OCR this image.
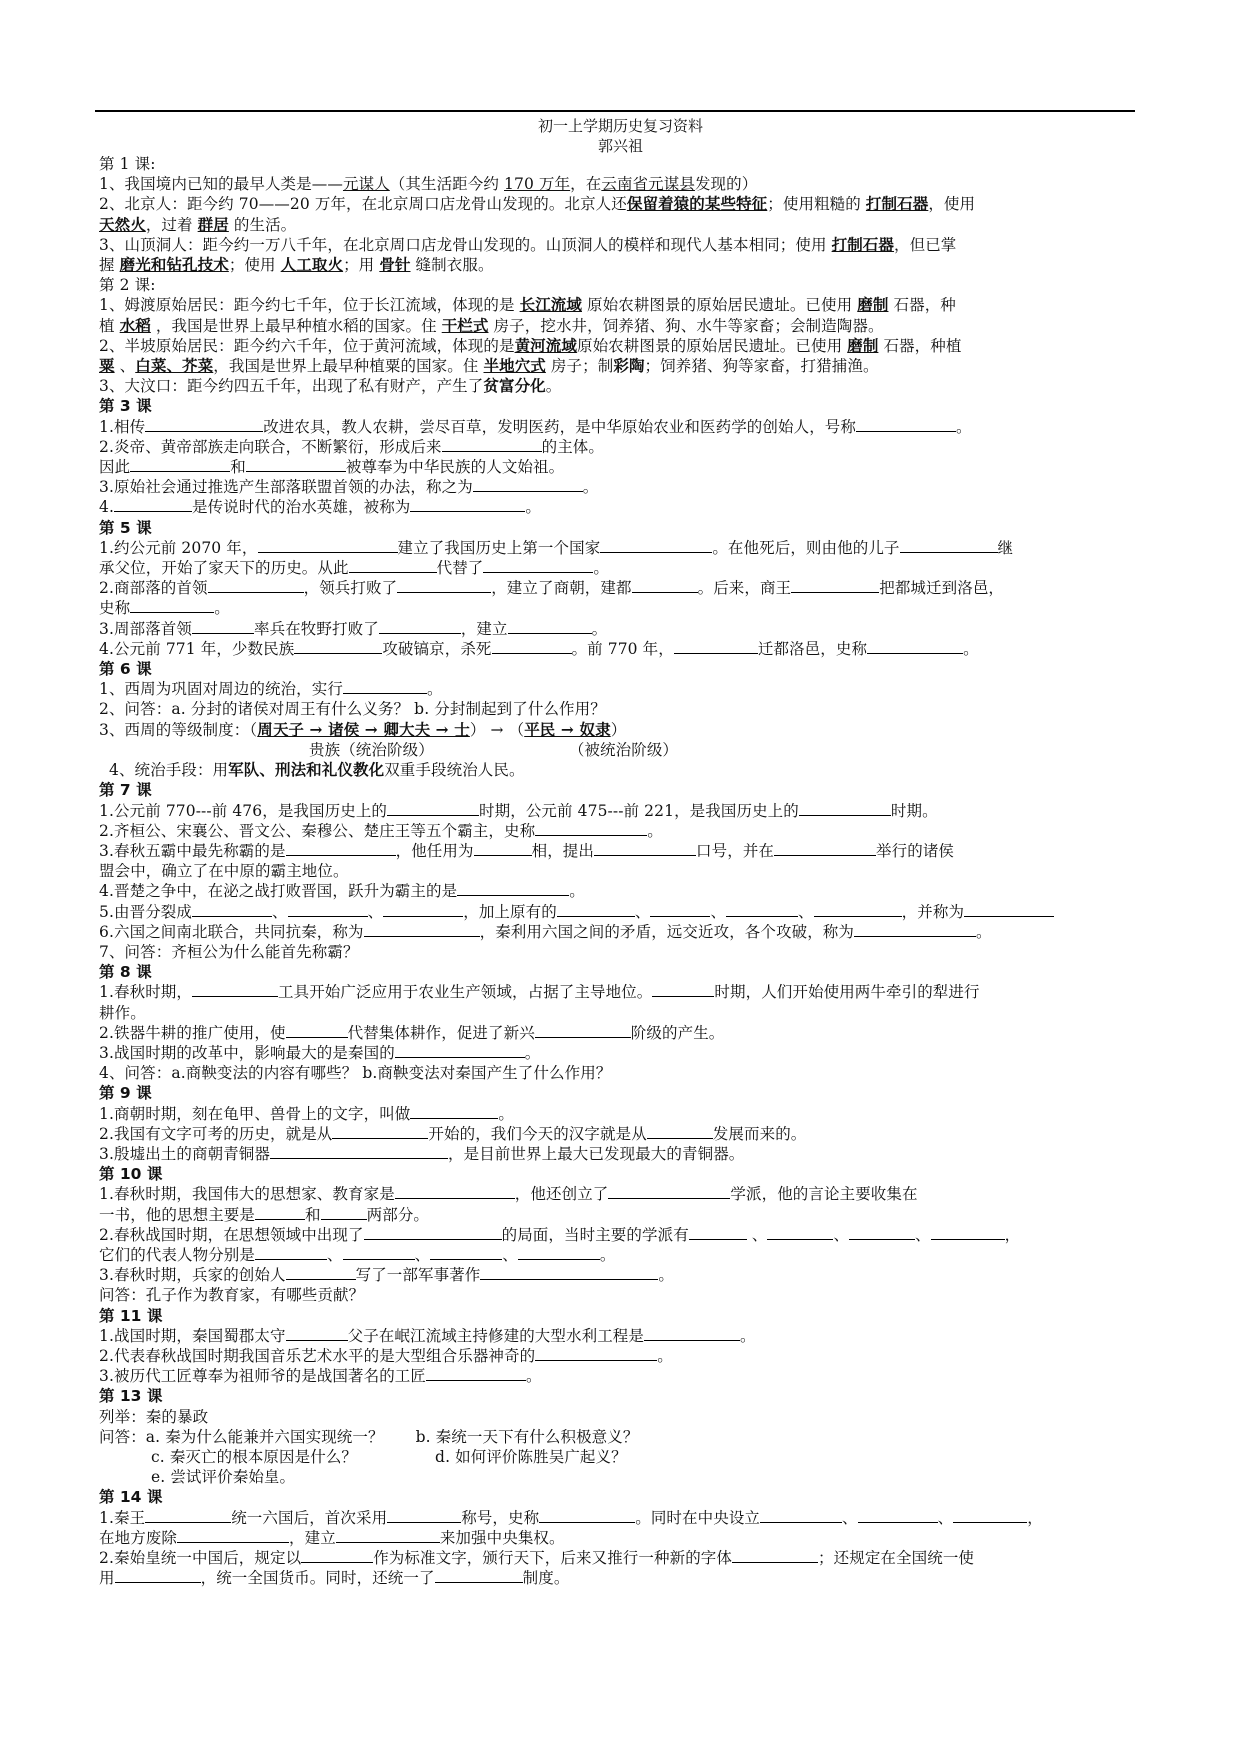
初一上学期历史复习资料
郭兴祖
第 1 课:
1、我国境内已知的最早人类是——元谋人（其生活距今约 170 万年，在云南省元谋县发现的）
2、北京人：距今约 70——20 万年，在北京周口店龙骨山发现的。北京人还保留着猿的某些特征；使用粗糙的 打制石器，使用
天然火，过着 群居 的生活。
3、山顶洞人：距今约一万八千年，在北京周口店龙骨山发现的。山顶洞人的模样和现代人基本相同；使用 打制石器，但已掌
握 磨光和钻孔技术；使用 人工取火；用 骨针 缝制衣服。
第 2 课:
1、姆渡原始居民：距今约七千年，位于长江流域，体现的是 长江流域 原始农耕图景的原始居民遗址。已使用 磨制 石器，种
植 水稻 ，我国是世界上最早种植水稻的国家。住 干栏式 房子，挖水井，饲养猪、狗、水牛等家畜；会制造陶器。
2、半坡原始居民：距今约六千年，位于黄河流域，体现的是黄河流域原始农耕图景的原始居民遗址。已使用 磨制 石器，种植
粟 、白菜、芥菜，我国是世界上最早种植粟的国家。住 半地穴式 房子；制彩陶；饲养猪、狗等家畜，打猎捕渔。
3、大汶口：距今约四五千年，出现了私有财产，产生了贫富分化。
第 3 课
1.相传	改进农具，教人农耕，尝尽百草，发明医药，是中华原始农业和医药学的创始人，号称	。
2.炎帝、黄帝部族走向联合，不断繁衍，形成后来	的主体。
因此	和	被尊奉为中华民族的人文始祖。
3.原始社会通过推选产生部落联盟首领的办法，称之为	。
4.	是传说时代的治水英雄，被称为	。
第 5 课
1.约公元前 2070 年，	建立了我国历史上第一个国家	。在他死后，则由他的儿子	继
承父位，开始了家天下的历史。从此	代替了	。
2.商部落的首领	，领兵打败了	，建立了商朝，建都	。后来，商王	把都城迁到洛邑，
史称	。
3.周部落首领	率兵在牧野打败了	，建立	。
4.公元前 771 年，少数民族	攻破镐京，杀死	。前 770 年，	迁都洛邑，史称	。
第 6 课
1、西周为巩固对周边的统治，实行	。
2、问答：a. 分封的诸侯对周王有什么义务？ b. 分封制起到了什么作用？
3、西周的等级制度：（周天子 → 诸侯 → 卿大夫 → 士） → （平民 → 奴隶）
贵族（统治阶级）	（被统治阶级）
4、统治手段：用军队、刑法和礼仪教化双重手段统治人民。
第 7 课
1.公元前 770---前 476，是我国历史上的	时期，公元前 475---前 221，是我国历史上的	时期。
2.齐桓公、宋襄公、晋文公、秦穆公、楚庄王等五个霸主，史称	。
3.春秋五霸中最先称霸的是	，他任用为	相，提出	口号，并在	举行的诸侯
盟会中，确立了在中原的霸主地位。
4.晋楚之争中，在泌之战打败晋国，跃升为霸主的是	。
5.由晋分裂成	、	、	，加上原有的	、	、	、	，并称为
6.六国之间南北联合，共同抗秦，称为	，秦利用六国之间的矛盾，远交近攻，各个攻破，称为	。
7、问答：齐桓公为什么能首先称霸？
第 8 课
1.春秋时期，	工具开始广泛应用于农业生产领域，占据了主导地位。	时期，人们开始使用两牛牵引的犁进行
耕作。
2.铁器牛耕的推广使用，使	代替集体耕作，促进了新兴	阶级的产生。
3.战国时期的改革中，影响最大的是秦国的	。
4、问答：a.商鞅变法的内容有哪些？ b.商鞅变法对秦国产生了什么作用？
第 9 课
1.商朝时期，刻在龟甲、兽骨上的文字，叫做	。
2.我国有文字可考的历史，就是从	开始的，我们今天的汉字就是从	发展而来的。
3.殷墟出土的商朝青铜器	，是目前世界上最大已发现最大的青铜器。
第 10 课
1.春秋时期，我国伟大的思想家、教育家是	，他还创立了	学派，他的言论主要收集在
一书，他的思想主要是	和	两部分。
2.春秋战国时期，在思想领域中出现了	的局面，当时主要的学派有	、	、	、	，
它们的代表人物分别是	、	、	、	。
3.春秋时期，兵家的创始人	写了一部军事著作	。
问答：孔子作为教育家，有哪些贡献？
第 11 课
1.战国时期，秦国蜀郡太守	父子在岷江流域主持修建的大型水利工程是	。
2.代表春秋战国时期我国音乐艺术水平的是大型组合乐器神奇的	。
3.被历代工匠尊奉为祖师爷的是战国著名的工匠	。
第 13 课
列举：秦的暴政
问答：a. 秦为什么能兼并六国实现统一？ b. 秦统一天下有什么积极意义？
c. 秦灭亡的根本原因是什么？	d. 如何评价陈胜吴广起义？
e. 尝试评价秦始皇。
第 14 课
1.秦王	统一六国后，首次采用	称号，史称	。同时在中央设立	、	、	，
在地方废除	，建立	来加强中央集权。
2.秦始皇统一中国后，规定以	作为标准文字，颁行天下，后来又推行一种新的字体	；还规定在全国统一使
用	，统一全国货币。同时，还统一了	制度。
